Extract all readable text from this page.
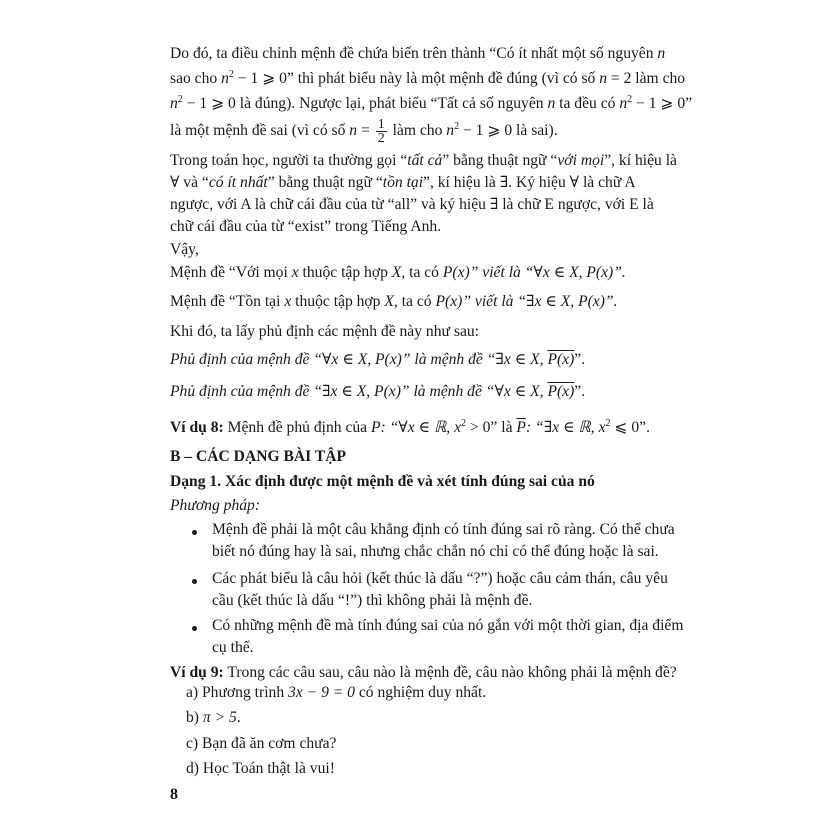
Do đó, ta điều chỉnh mệnh đề chứa biến trên thành “Có ít nhất một số nguyên n
sao cho $n^2 - 1$ ⩾ 0” thì phát biểu này là một mệnh đề đúng (vì có số n = 2 làm cho
$n^2 - 1$ ⩾ 0 là đúng). Ngược lại, phát biểu “Tất cả số nguyên n ta đều có $n^2 - 1$ ⩾ 0”
là một mệnh đề sai (vì có số $n = \frac{1}{2}$ làm cho $n^2 - 1$ ⩾ 0 là sai).
Trong toán học, người ta thường gọi “tất cả” bằng thuật ngữ “với mọi”, kí hiệu là
∀ và “có ít nhất” bằng thuật ngữ “tồn tại”, kí hiệu là ∃. Ký hiệu ∀ là chữ A
ngược, với A là chữ cái đầu của từ “all” và ký hiệu ∃ là chữ E ngược, với E là
chữ cái đầu của từ “exist” trong Tiếng Anh.
Vậy,
Mệnh đề “Với mọi x thuộc tập hợp X, ta có P(x)” viết là “∀x ∈ X, P(x)”.
Mệnh đề “Tồn tại x thuộc tập hợp X, ta có P(x)” viết là “∃x ∈ X, P(x)”.
Khi đó, ta lấy phủ định các mệnh đề này như sau:
Phủ định của mệnh đề “∀x ∈ X, P(x)” là mệnh đề “∃x ∈ X, P(x)”.
Phủ định của mệnh đề “∃x ∈ X, P(x)” là mệnh đề “∀x ∈ X, P(x)”.
Ví dụ 8: Mệnh đề phủ định của P: “∀x ∈ ℝ, $x^2 > 0$” là $\overline{P}$: “∃x ∈ ℝ, $x^2$ ⩽ 0”.
B – CÁC DẠNG BÀI TẬP
Dạng 1. Xác định được một mệnh đề và xét tính đúng sai của nó
Phương pháp:
Mệnh đề phải là một câu khẳng định có tính đúng sai rõ ràng. Có thể chưa
biết nó đúng hay là sai, nhưng chắc chắn nó chỉ có thể đúng hoặc là sai.
Các phát biểu là câu hỏi (kết thúc là dấu “?”) hoặc câu cảm thán, câu yêu
cầu (kết thúc là dấu “!”) thì không phải là mệnh đề.
Có những mệnh đề mà tính đúng sai của nó gắn với một thời gian, địa điểm
cụ thể.
Ví dụ 9: Trong các câu sau, câu nào là mệnh đề, câu nào không phải là mệnh đề?
a) Phương trình 3x − 9 = 0 có nghiệm duy nhất.
b) π > 5.
c) Bạn đã ăn cơm chưa?
d) Học Toán thật là vui!
8
